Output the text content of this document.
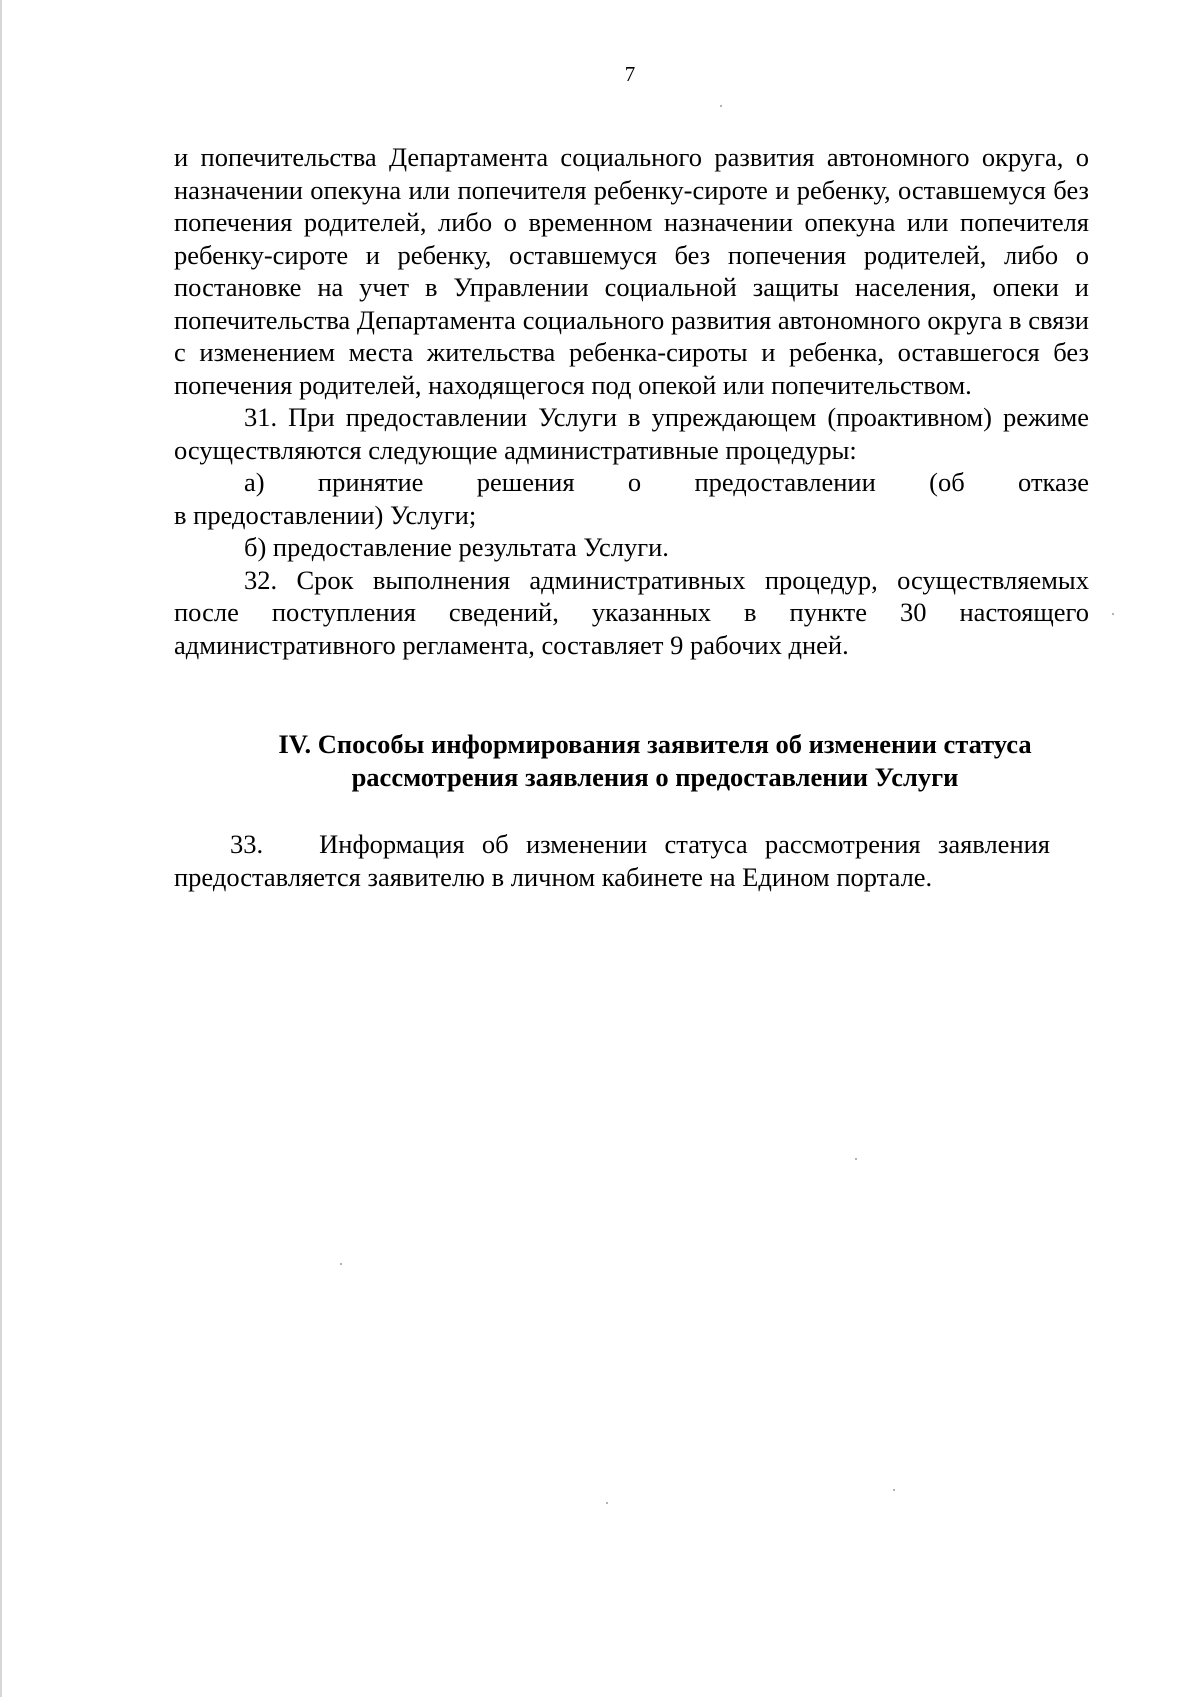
7

и попечительства Департамента социального развития автономного округа, о назначении опекуна или попечителя ребенку-сироте и ребенку, оставшемуся без попечения родителей, либо о временном назначении опекуна или попечителя ребенку-сироте и ребенку, оставшемуся без попечения родителей, либо о постановке на учет в Управлении социальной защиты населения, опеки и попечительства Департамента социального развития автономного округа в связи с изменением места жительства ребенка-сироты и ребенка, оставшегося без попечения родителей, находящегося под опекой или попечительством.

31. При предоставлении Услуги в упреждающем (проактивном) режиме осуществляются следующие административные процедуры:

а) принятие решения о предоставлении (об отказе

в предоставлении) Услуги;

б) предоставление результата Услуги.

32. Срок выполнения административных процедур, осуществляемых после поступления сведений, указанных в пункте 30 настоящего административного регламента, составляет 9 рабочих дней.

IV. Способы информирования заявителя об изменении статуса
рассмотрения заявления о предоставлении Услуги

33. Информация об изменении статуса рассмотрения заявления

предоставляется заявителю в личном кабинете на Едином портале.
